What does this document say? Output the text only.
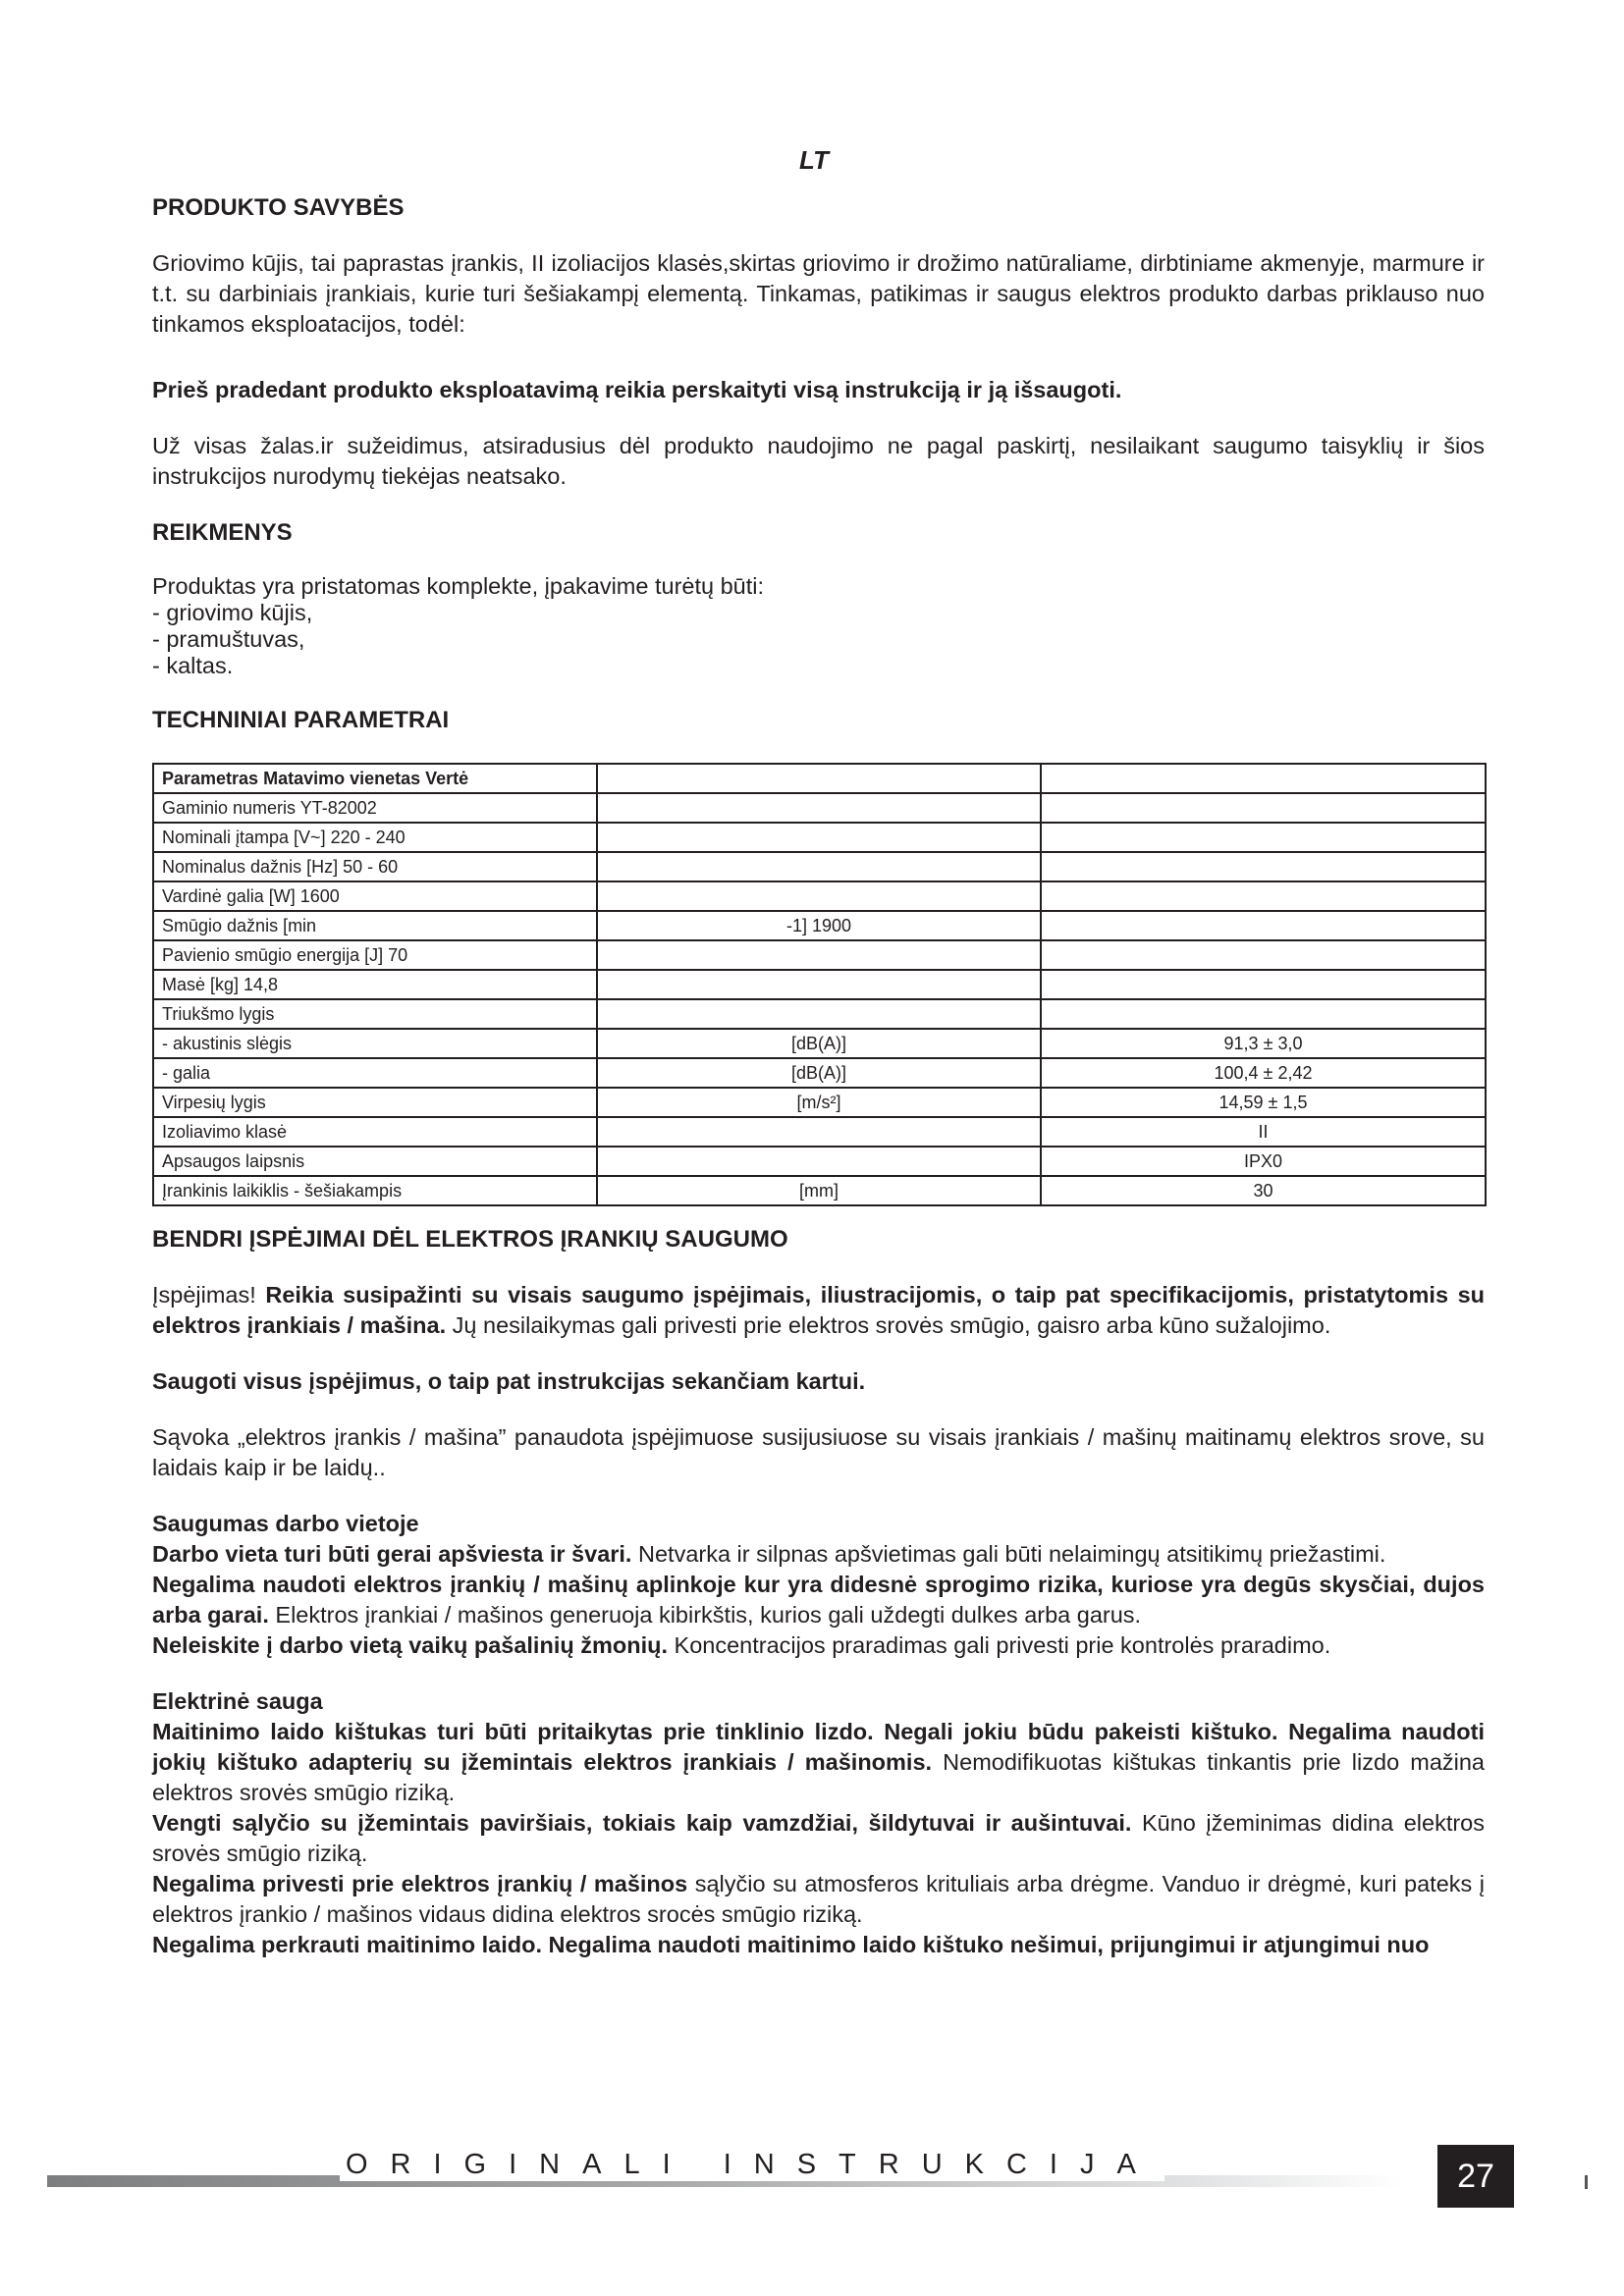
LT
PRODUKTO SAVYBĖS

Griovimo kūjis, tai paprastas įrankis, II izoliacijos klasės,skirtas griovimo ir drožimo natūraliame, dirbtiniame akmenyje, marmure ir t.t. su darbiniais įrankiais, kurie turi šešiakampį elementą. Tinkamas, patikimas ir saugus elektros produkto darbas priklauso nuo tinkamos eksploatacijos, todėl:

Prieš pradedant produkto eksploatavimą reikia perskaityti visą instrukciją ir ją išsaugoti.

Už visas žalas.ir sužeidimus, atsiradusius dėl produkto naudojimo ne pagal paskirtį, nesilaikant saugumo taisyklių ir šios instrukcijos nurodymų tiekėjas neatsako.

REIKMENYS

Produktas yra pristatomas komplekte, įpakavime turėtų būti:

- griovimo kūjis,

- pramuštuvas,

- kaltas.

TECHNINIAI PARAMETRAI
Parametras Matavimo vienetas Vertė		
Gaminio numeris YT-82002		
Nominali įtampa [V~] 220 - 240		
Nominalus dažnis [Hz] 50 - 60		
Vardinė galia [W] 1600		
Smūgio dažnis [min	-1] 1900	
Pavienio smūgio energija [J] 70		
Masė [kg] 14,8		
Triukšmo lygis		
- akustinis slėgis	[dB(A)]	91,3 ± 3,0
- galia	[dB(A)]	100,4 ± 2,42
Virpesių lygis	[m/s²]	14,59 ± 1,5
Izoliavimo klasė		II
Apsaugos laipsnis		IPX0
Įrankinis laikiklis - šešiakampis	[mm]	30
BENDRI ĮSPĖJIMAI DĖL ELEKTROS ĮRANKIŲ SAUGUMO

Įspėjimas! Reikia susipažinti su visais saugumo įspėjimais, iliustracijomis, o taip pat specifikacijomis, pristatytomis su elektros įrankiais / mašina. Jų nesilaikymas gali privesti prie elektros srovės smūgio, gaisro arba kūno sužalojimo.

Saugoti visus įspėjimus, o taip pat instrukcijas sekančiam kartui.

Sąvoka „elektros įrankis / mašina” panaudota įspėjimuose susijusiuose su visais įrankiais / mašinų maitinamų elektros srove, su laidais kaip ir be laidų..

Saugumas darbo vietoje

Darbo vieta turi būti gerai apšviesta ir švari. Netvarka ir silpnas apšvietimas gali būti nelaimingų atsitikimų priežastimi.

Negalima naudoti elektros įrankių / mašinų aplinkoje kur yra didesnė sprogimo rizika, kuriose yra degūs skysčiai, dujos arba garai. Elektros įrankiai / mašinos generuoja kibirkštis, kurios gali uždegti dulkes arba garus.

Neleiskite į darbo vietą vaikų pašalinių žmonių. Koncentracijos praradimas gali privesti prie kontrolės praradimo.

Elektrinė sauga

Maitinimo laido kištukas turi būti pritaikytas prie tinklinio lizdo. Negali jokiu būdu pakeisti kištuko. Negalima naudoti jokių kištuko adapterių su įžemintais elektros įrankiais / mašinomis. Nemodifikuotas kištukas tinkantis prie lizdo mažina elektros srovės smūgio riziką.

Vengti sąlyčio su įžemintais paviršiais, tokiais kaip vamzdžiai, šildytuvai ir aušintuvai. Kūno įžeminimas didina elektros srovės smūgio riziką.

Negalima privesti prie elektros įrankių / mašinos sąlyčio su atmosferos krituliais arba drėgme. Vanduo ir drėgmė, kuri pateks į elektros įrankio / mašinos vidaus didina elektros srocės smūgio riziką.

Negalima perkrauti maitinimo laido. Negalima naudoti maitinimo laido kištuko nešimui, prijungimui ir atjungimui nuo

ORIGINALI INSTRUKCIJA	27
